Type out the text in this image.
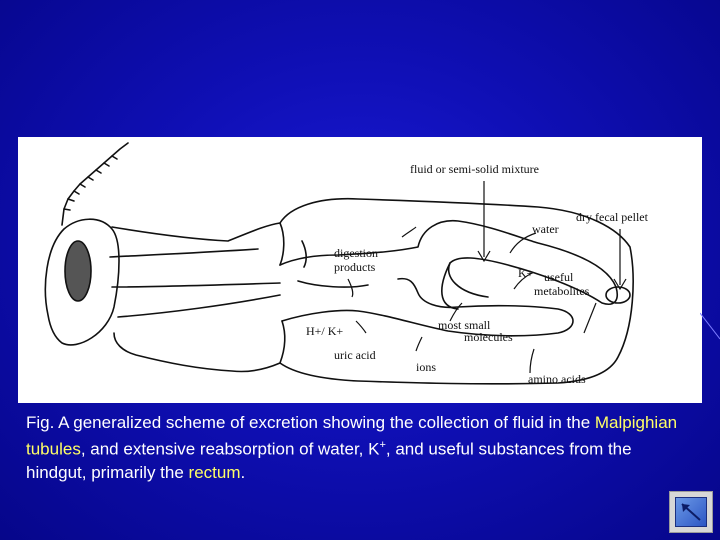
fluid or semi-solid mixture
dry fecal pellet
water
digestion
products	K+ useful
metabolites
H+/ K+	most small
molecules
uric acid
ions
amino acids
Fig. A generalized scheme of excretion showing the collection of fluid in the Malpighian tubules, and extensive reabsorption of water, K+, and useful substances from the hindgut, primarily the rectum.
